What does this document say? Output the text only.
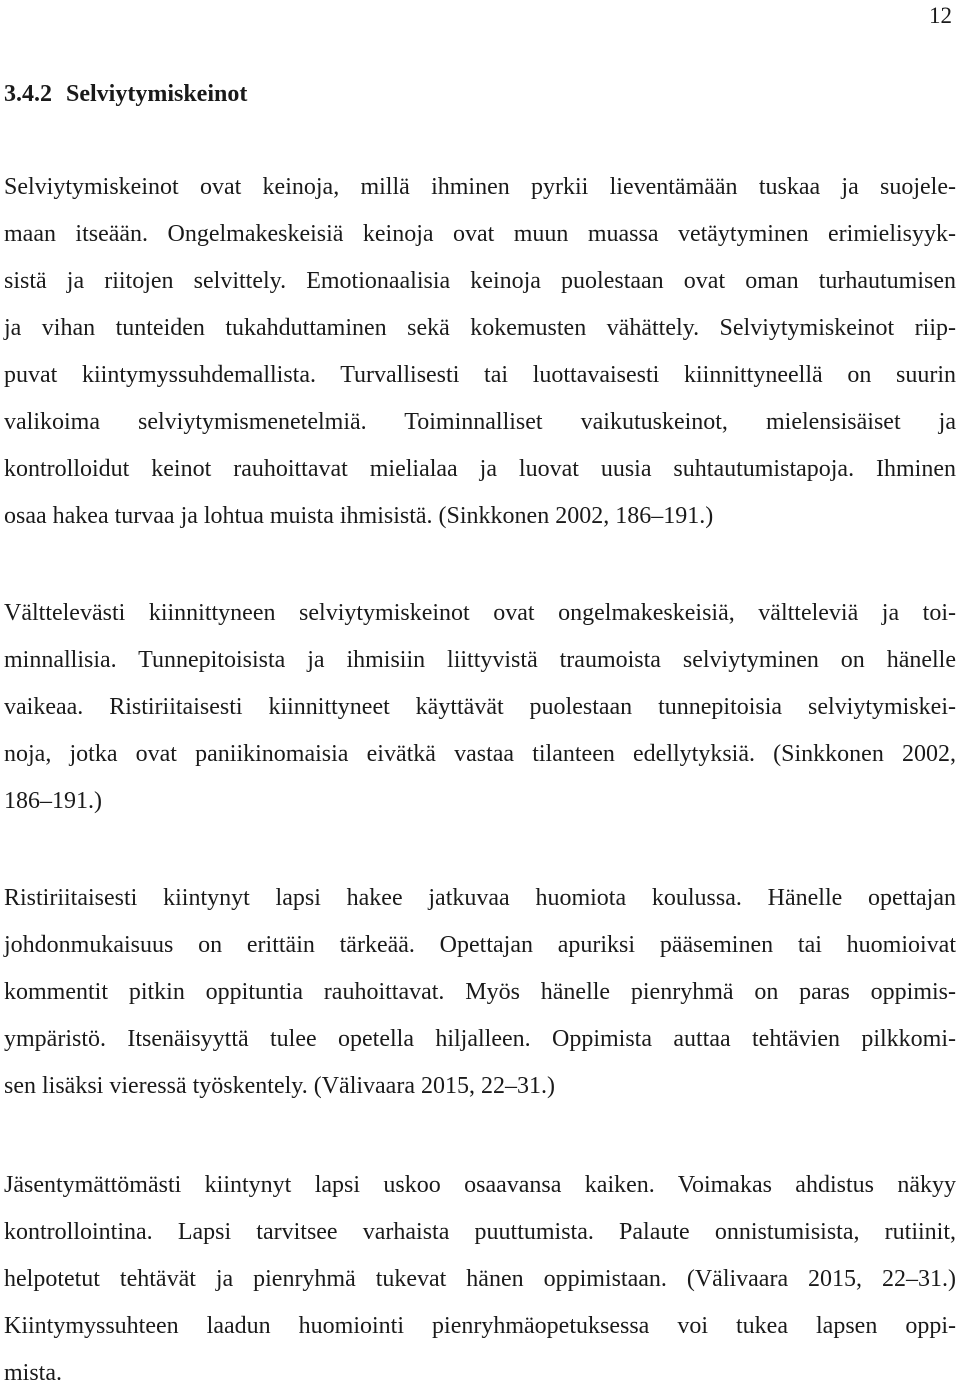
12
3.4.2 Selviytymiskeinot
Selviytymiskeinot ovat keinoja, millä ihminen pyrkii lieventämään tuskaa ja suojele-
maan itseään. Ongelmakeskeisiä keinoja ovat muun muassa vetäytyminen erimielisyyk-
sistä ja riitojen selvittely. Emotionaalisia keinoja puolestaan ovat oman turhautumisen
ja vihan tunteiden tukahduttaminen sekä kokemusten vähättely. Selviytymiskeinot riip-
puvat kiintymyssuhdemallista. Turvallisesti tai luottavaisesti kiinnittyneellä on suurin
valikoima selviytymismenetelmiä. Toiminnalliset vaikutuskeinot, mielensisäiset ja
kontrolloidut keinot rauhoittavat mielialaa ja luovat uusia suhtautumistapoja. Ihminen
osaa hakea turvaa ja lohtua muista ihmisistä. (Sinkkonen 2002, 186–191.)
Välttelevästi kiinnittyneen selviytymiskeinot ovat ongelmakeskeisiä, välttelеviä ja toi-
minnallisia. Tunnepitoisista ja ihmisiin liittyvistä traumoista selviytyminen on hänelle
vaikeaa. Ristiriitaisesti kiinnittyneet käyttävät puolestaan tunnepitoisia selviytymiskei-
noja, jotka ovat paniikinomaisia eivätkä vastaa tilanteen edellytyksiä. (Sinkkonen 2002,
186–191.)
Ristiriitaisesti kiintynyt lapsi hakee jatkuvaa huomiota koulussa. Hänelle opettajan
johdonmukaisuus on erittäin tärkeää. Opettajan apuriksi pääseminen tai huomioivat
kommentit pitkin oppituntia rauhoittavat. Myös hänelle pienryhmä on paras oppimis-
ympäristö. Itsenäisyyttä tulee opetella hiljalleen. Oppimista auttaa tehtävien pilkkomi-
sen lisäksi vieressä työskentely. (Välivaara 2015, 22–31.)
Jäsentymättömästi kiintynyt lapsi uskoo osaavansa kaiken. Voimakas ahdistus näkyy
kontrollointina. Lapsi tarvitsee varhaista puuttumista. Palaute onnistumisista, rutiinit,
helpotetut tehtävät ja pienryhmä tukevat hänen oppimistaan. (Välivaara 2015, 22–31.)
Kiintymyssuhteen laadun huomiointi pienryhmäopetuksessa voi tukea lapsen oppi-
mista.
